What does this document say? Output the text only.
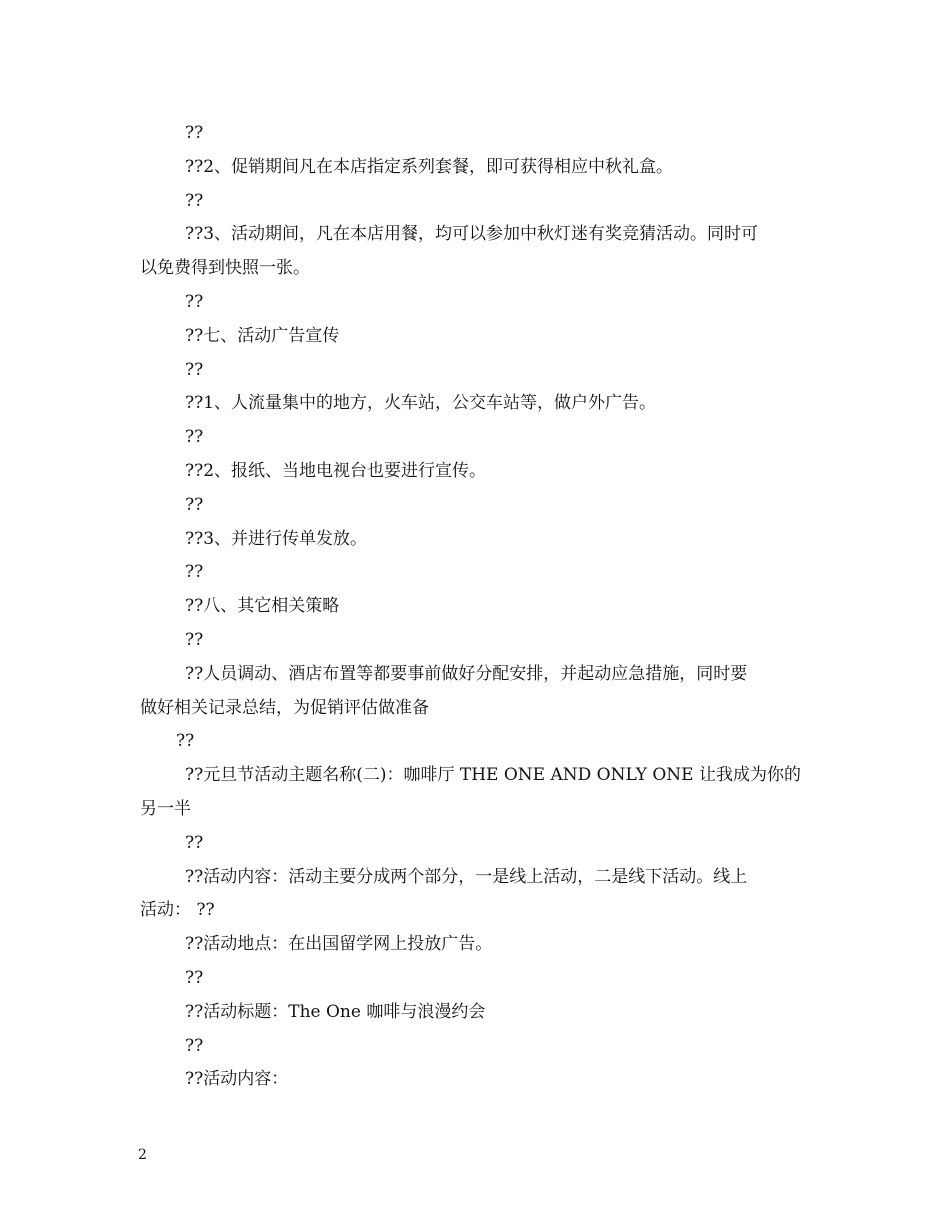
??
??2、促销期间凡在本店指定系列套餐，即可获得相应中秋礼盒。
??
??3、活动期间，凡在本店用餐，均可以参加中秋灯迷有奖竞猜活动。同时可
以免费得到快照一张。
??
??七、活动广告宣传
??
??1、人流量集中的地方，火车站，公交车站等，做户外广告。
??
??2、报纸、当地电视台也要进行宣传。
??
??3、并进行传单发放。
??
??八、其它相关策略
??
??人员调动、酒店布置等都要事前做好分配安排，并起动应急措施，同时要
做好相关记录总结，为促销评估做准备
??
??元旦节活动主题名称(二)：咖啡厅 THE ONE AND ONLY ONE 让我成为你的
另一半
??
??活动内容：活动主要分成两个部分，一是线上活动，二是线下活动。线上
活动： ??
??活动地点：在出国留学网上投放广告。
??
??活动标题：The One 咖啡与浪漫约会
??
??活动内容：
2
